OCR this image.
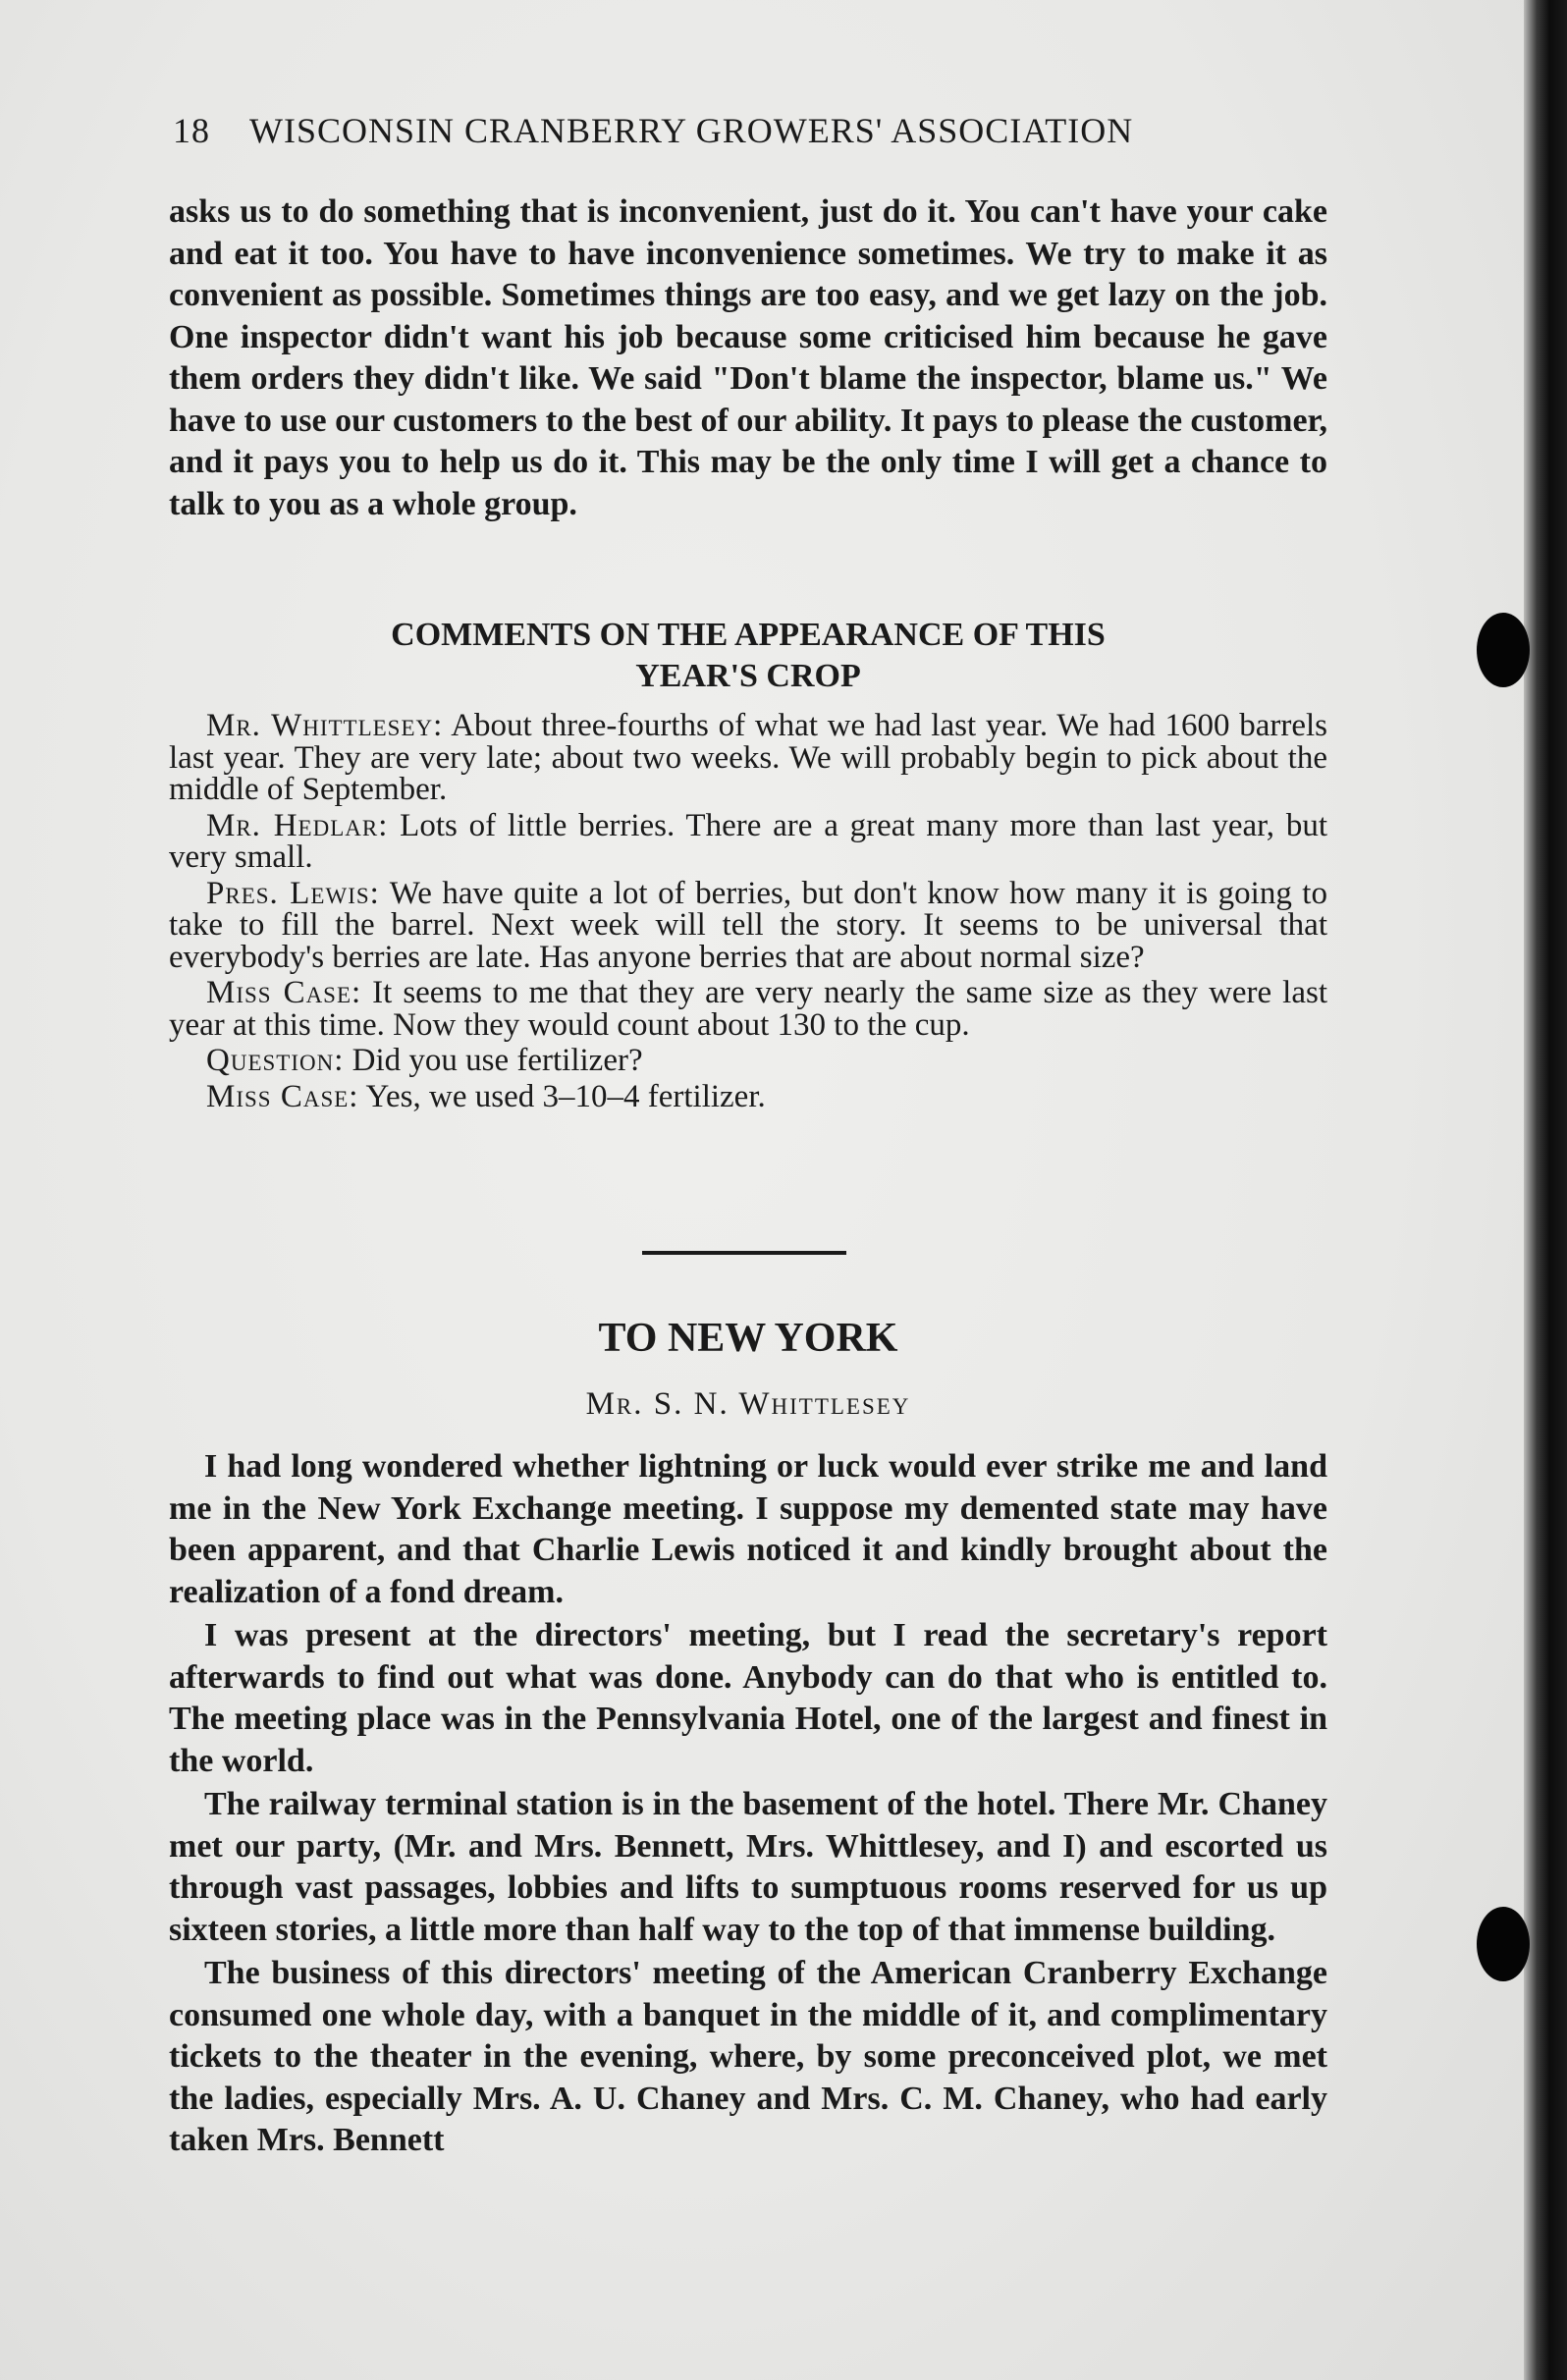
18 WISCONSIN CRANBERRY GROWERS' ASSOCIATION

asks us to do something that is inconvenient, just do it. You can't have your cake and eat it too. You have to have inconvenience sometimes. We try to make it as convenient as possible. Sometimes things are too easy, and we get lazy on the job. One inspector didn't want his job because some criticised him because he gave them orders they didn't like. We said "Don't blame the inspector, blame us." We have to use our customers to the best of our ability. It pays to please the customer, and it pays you to help us do it. This may be the only time I will get a chance to talk to you as a whole group.

COMMENTS ON THE APPEARANCE OF THIS
YEAR'S CROP

Mr. Whittlesey: About three-fourths of what we had last year. We had 1600 barrels last year. They are very late; about two weeks. We will probably begin to pick about the middle of September.

Mr. Hedlar: Lots of little berries. There are a great many more than last year, but very small.

Pres. Lewis: We have quite a lot of berries, but don't know how many it is going to take to fill the barrel. Next week will tell the story. It seems to be universal that everybody's berries are late. Has anyone berries that are about normal size?

Miss Case: It seems to me that they are very nearly the same size as they were last year at this time. Now they would count about 130 to the cup.

Question: Did you use fertilizer?

Miss Case: Yes, we used 3–10–4 fertilizer.

TO NEW YORK
Mr. S. N. Whittlesey

I had long wondered whether lightning or luck would ever strike me and land me in the New York Exchange meeting. I suppose my demented state may have been apparent, and that Charlie Lewis noticed it and kindly brought about the realization of a fond dream.

I was present at the directors' meeting, but I read the secretary's report afterwards to find out what was done. Anybody can do that who is entitled to. The meeting place was in the Pennsylvania Hotel, one of the largest and finest in the world.

The railway terminal station is in the basement of the hotel. There Mr. Chaney met our party, (Mr. and Mrs. Bennett, Mrs. Whittlesey, and I) and escorted us through vast passages, lobbies and lifts to sumptuous rooms reserved for us up sixteen stories, a little more than half way to the top of that immense building.

The business of this directors' meeting of the American Cranberry Exchange consumed one whole day, with a banquet in the middle of it, and complimentary tickets to the theater in the evening, where, by some preconceived plot, we met the ladies, especially Mrs. A. U. Chaney and Mrs. C. M. Chaney, who had early taken Mrs. Bennett
